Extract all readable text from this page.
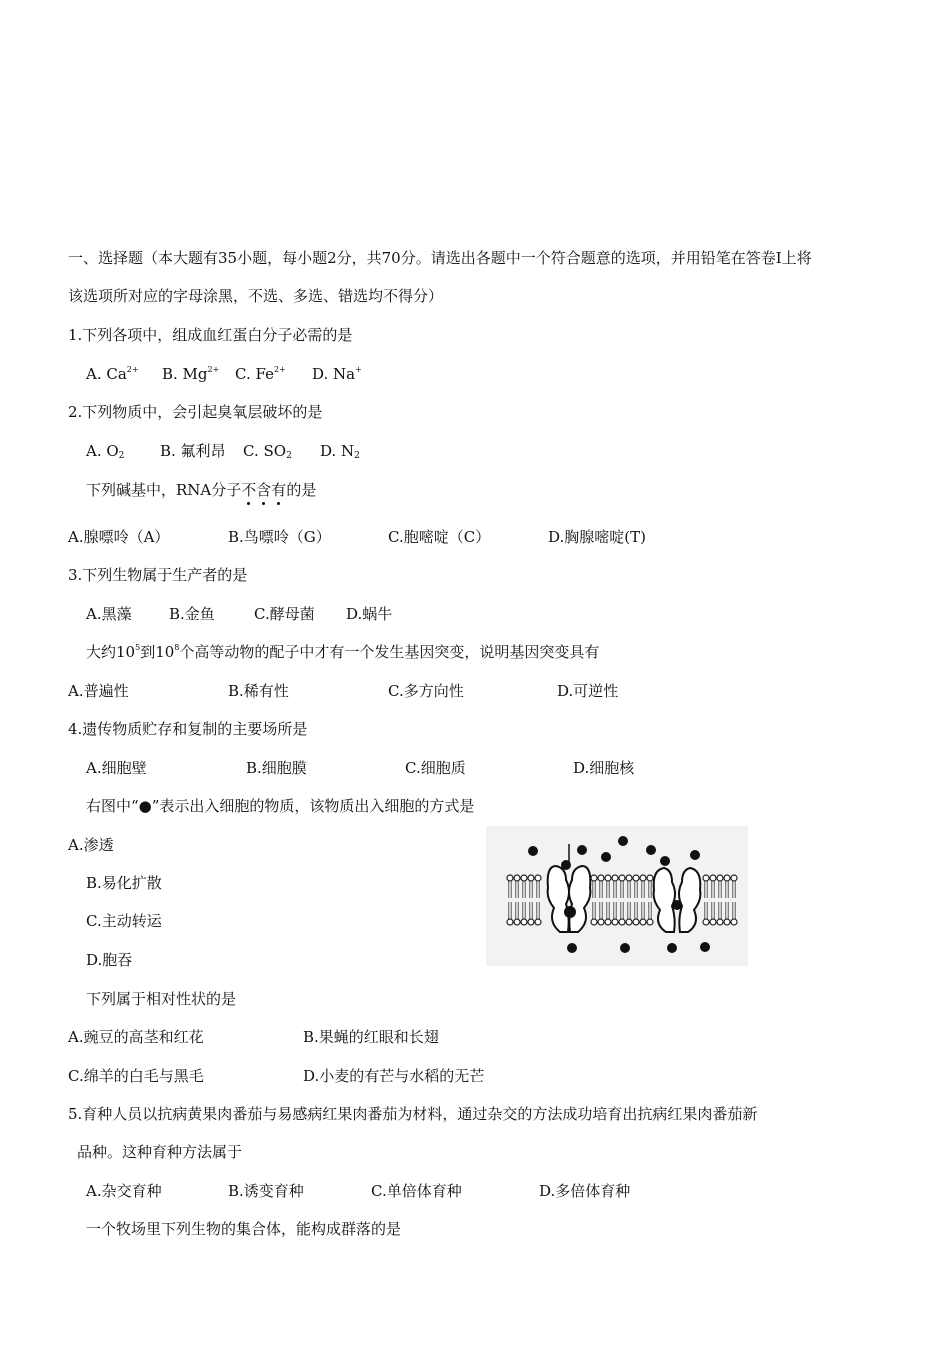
一、选择题（本大题有35小题，每小题2分，共70分。请选出各题中一个符合题意的选项，并用铅笔在答卷Ⅰ上将
该选项所对应的字母涂黑，不选、多选、错选均不得分）
1.下列各项中，组成血红蛋白分子必需的是
A. $Ca^{2+}$ B. $Mg^{2+}$ C. $Fe^{2+}$ D. Na+
2.下列物质中，会引起臭氧层破坏的是
A. $O_2$ B. 氟利昂 C. $SO_2$ D. $N_2$
下列碱基中，RNA分子不含有的是
A.腺嘌呤（A）	B.鸟嘌呤（G）	C.胞嘧啶（C）	D.胸腺嘧啶(T)
3.下列生物属于生产者的是
A.黑藻 B.金鱼	C.酵母菌 D.蜗牛
大约$10^5$到$10^8$个高等动物的配子中才有一个发生基因突变，说明基因突变具有
A.普遍性	B.稀有性	C.多方向性	D.可逆性
4.遗传物质贮存和复制的主要场所是
A.细胞壁	B.细胞膜	C.细胞质	D.细胞核
右图中“●”表示出入细胞的物质，该物质出入细胞的方式是
A.渗透
B.易化扩散
C.主动转运
D.胞吞
下列属于相对性状的是
A.豌豆的高茎和红花	B.果蝇的红眼和长翅
C.绵羊的白毛与黑毛	D.小麦的有芒与水稻的无芒
5.育种人员以抗病黄果肉番茄与易感病红果肉番茄为材料，通过杂交的方法成功培育出抗病红果肉番茄新
品种。这种育种方法属于
A.杂交育种	B.诱变育种	C.单倍体育种	D.多倍体育种
一个牧场里下列生物的集合体，能构成群落的是
